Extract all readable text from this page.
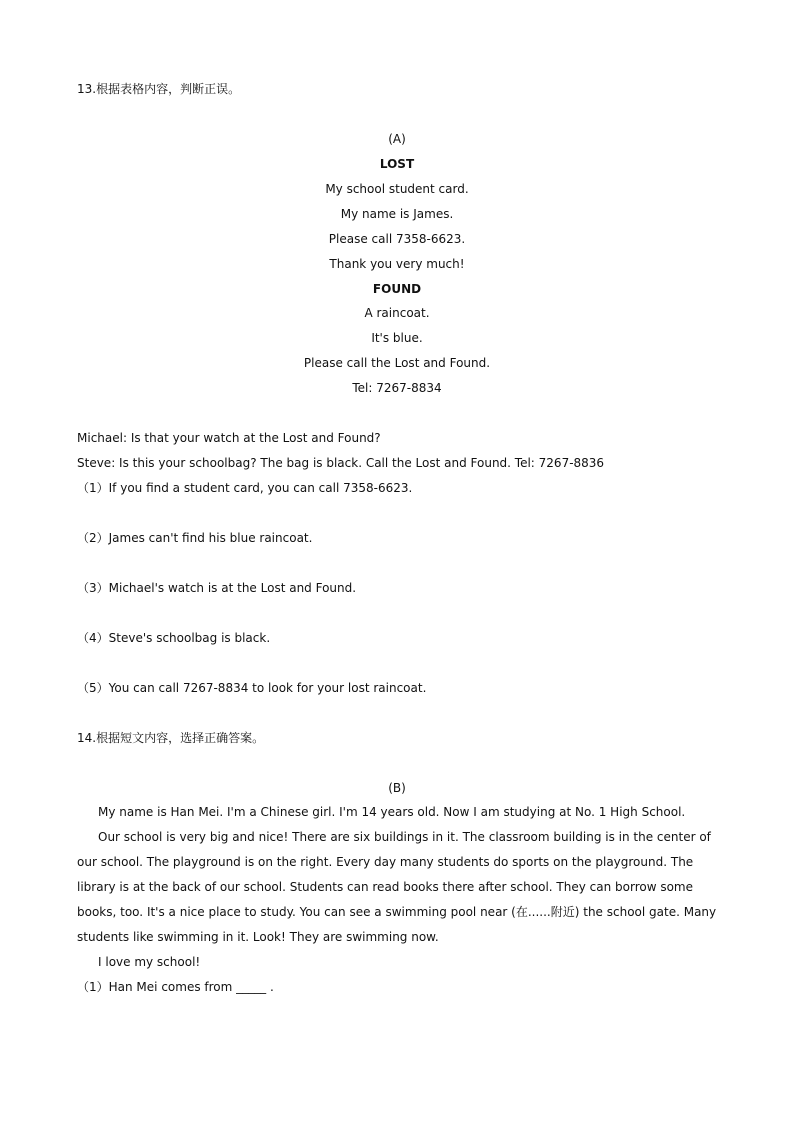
13.根据表格内容，判断正误。
(A)
LOST
My school student card.
My name is James.
Please call 7358-6623.
Thank you very much!
FOUND
A raincoat.
It's blue.
Please call the Lost and Found.
Tel: 7267-8834
Michael: Is that your watch at the Lost and Found?
Steve: Is this your schoolbag? The bag is black. Call the Lost and Found. Tel: 7267-8836
（1）If you find a student card, you can call 7358-6623.
（2）James can't find his blue raincoat.
（3）Michael's watch is at the Lost and Found.
（4）Steve's schoolbag is black.
（5）You can call 7267-8834 to look for your lost raincoat.
14.根据短文内容，选择正确答案。
(B)
My name is Han Mei. I'm a Chinese girl. I'm 14 years old. Now I am studying at No. 1 High School.
Our school is very big and nice! There are six buildings in it. The classroom building is in the center of our school. The playground is on the right. Every day many students do sports on the playground. The library is at the back of our school. Students can read books there after school. They can borrow some books, too. It's a nice place to study. You can see a swimming pool near (在......附近) the school gate. Many students like swimming in it. Look! They are swimming now.
I love my school!
（1）Han Mei comes from _____ .
